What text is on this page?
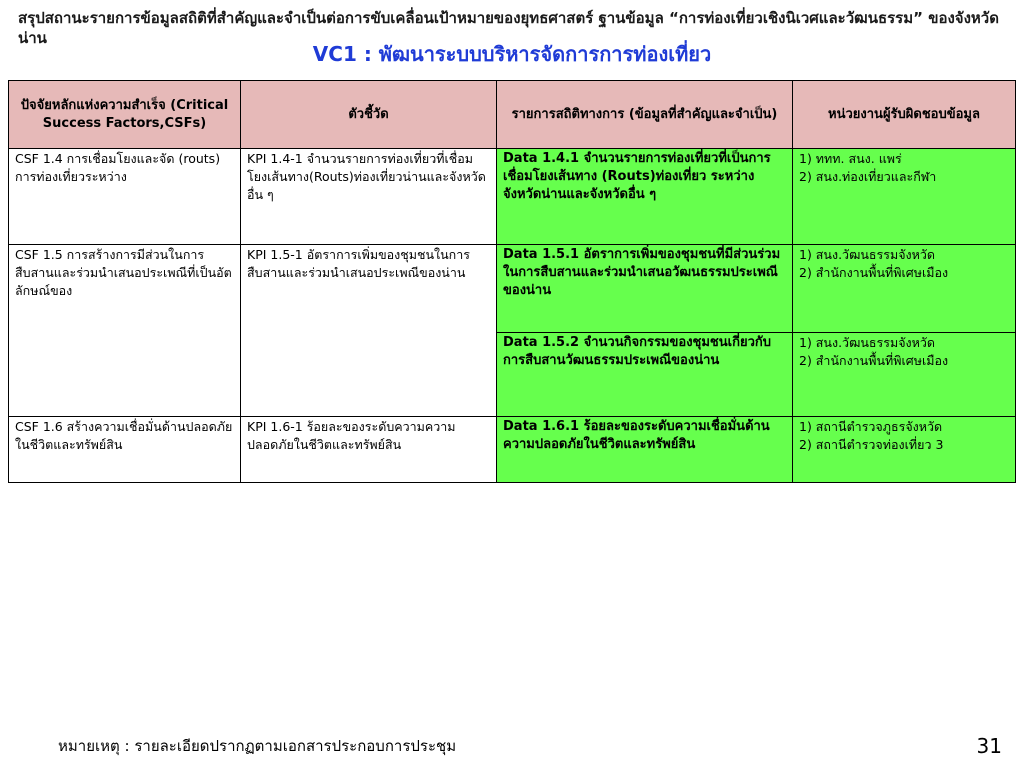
สรุปสถานะรายการข้อมูลสถิติที่สำคัญและจำเป็นต่อการขับเคลื่อนเป้าหมายของยุทธศาสตร์ ฐานข้อมูล “การท่องเที่ยวเชิงนิเวศและวัฒนธรรม” ของจังหวัดน่าน
VC1 : พัฒนาระบบบริหารจัดการการท่องเที่ยว
ปัจจัยหลักแห่งความสำเร็จ (Critical Success Factors,CSFs)	ตัวชี้วัด	รายการสถิติทางการ (ข้อมูลที่สำคัญและจำเป็น)	หน่วยงานผู้รับผิดชอบข้อมูล
CSF 1.4 การเชื่อมโยงและจัด (routs) การท่องเที่ยวระหว่าง	KPI 1.4-1 จำนวนรายการท่องเที่ยวที่เชื่อมโยงเส้นทาง(Routs)ท่องเที่ยวน่านและจังหวัดอื่น ๆ	Data 1.4.1 จำนวนรายการท่องเที่ยวที่เป็นการเชื่อมโยงเส้นทาง (Routs)ท่องเที่ยว ระหว่างจังหวัดน่านและจังหวัดอื่น ๆ	1) ททท. สนง. แพร่
2) สนง.ท่องเที่ยวและกีฬา

CSF 1.5 การสร้างการมีส่วนในการสืบสานและร่วมนำเสนอประเพณีที่เป็นอัตลักษณ์ของ	KPI 1.5-1 อัตราการเพิ่มของชุมชนในการสืบสานและร่วมนำเสนอประเพณีของน่าน	Data 1.5.1 อัตราการเพิ่มของชุมชนที่มีส่วนร่วมในการสืบสานและร่วมนำเสนอวัฒนธรรมประเพณีของน่าน	1) สนง.วัฒนธรรมจังหวัด
2) สำนักงานพื้นที่พิเศษเมือง

		Data 1.5.2 จำนวนกิจกรรมของชุมชนเกี่ยวกับการสืบสานวัฒนธรรมประเพณีของน่าน	1) สนง.วัฒนธรรมจังหวัด
2) สำนักงานพื้นที่พิเศษเมือง

CSF 1.6 สร้างความเชื่อมั่นด้านปลอดภัยในชีวิตและทรัพย์สิน	KPI 1.6-1 ร้อยละของระดับความความปลอดภัยในชีวิตและทรัพย์สิน	Data 1.6.1 ร้อยละของระดับความเชื่อมั่นด้านความปลอดภัยในชีวิตและทรัพย์สิน	1) สถานีตำรวจภูธรจังหวัด
2) สถานีตำรวจท่องเที่ยว 3
หมายเหตุ : รายละเอียดปรากฏตามเอกสารประกอบการประชุม	31
